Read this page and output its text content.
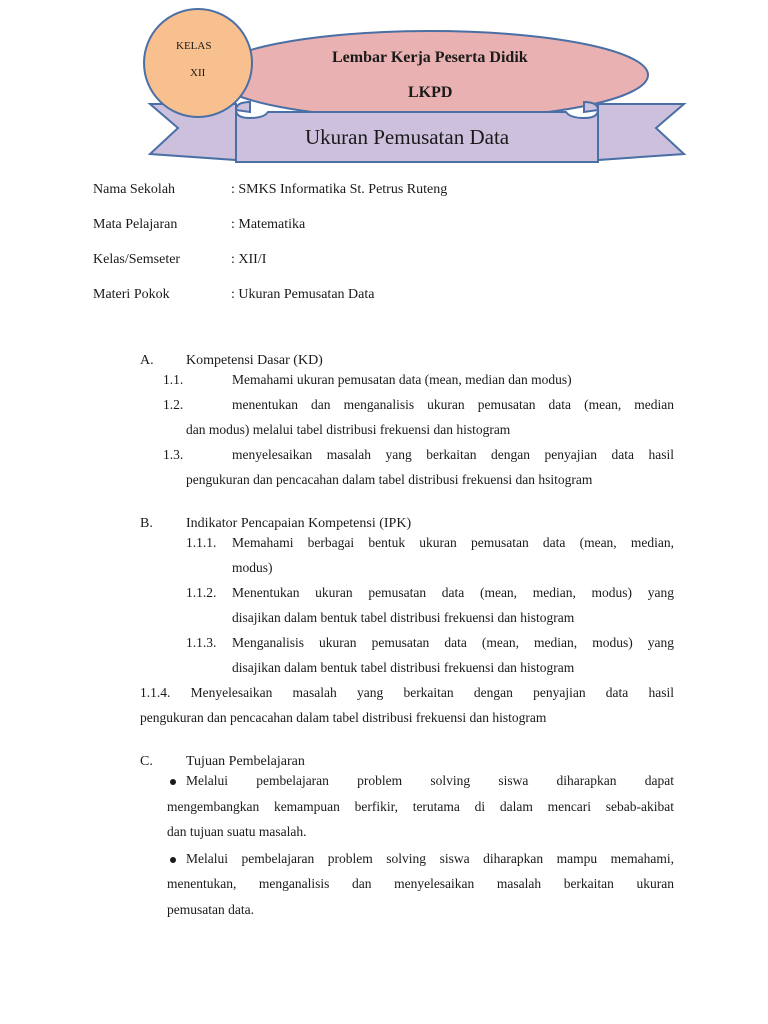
KELAS
XII
Lembar Kerja Peserta Didik
LKPD
Ukuran Pemusatan Data
Nama Sekolah	: SMKS Informatika St. Petrus Ruteng
Mata Pelajaran	: Matematika
Kelas/Semseter	: XII/I
Materi Pokok	: Ukuran Pemusatan Data
A. Kompetensi Dasar (KD)
1.1.	Memahami ukuran pemusatan data (mean, median dan modus)
1.2.	menentukan dan menganalisis ukuran pemusatan data (mean, median
dan modus) melalui tabel distribusi frekuensi dan histogram
1.3.	menyelesaikan masalah yang berkaitan dengan penyajian data hasil
pengukuran dan pencacahan dalam tabel distribusi frekuensi dan hsitogram
B. Indikator Pencapaian Kompetensi (IPK)
1.1.1. Memahami berbagai bentuk ukuran pemusatan data (mean, median,
modus)
1.1.2. Menentukan ukuran pemusatan data (mean, median, modus) yang
disajikan dalam bentuk tabel distribusi frekuensi dan histogram
1.1.3. Menganalisis ukuran pemusatan data (mean, median, modus) yang
disajikan dalam bentuk tabel distribusi frekuensi dan histogram
1.1.4. Menyelesaikan masalah yang berkaitan dengan penyajian data hasil
pengukuran dan pencacahan dalam tabel distribusi frekuensi dan histogram
C. Tujuan Pembelajaran
Melalui pembelajaran problem solving siswa diharapkan dapat
mengembangkan kemampuan berfikir, terutama di dalam mencari sebab-akibat
dan tujuan suatu masalah.
Melalui pembelajaran problem solving siswa diharapkan mampu memahami,
menentukan, menganalisis dan menyelesaikan masalah berkaitan ukuran
pemusatan data.
